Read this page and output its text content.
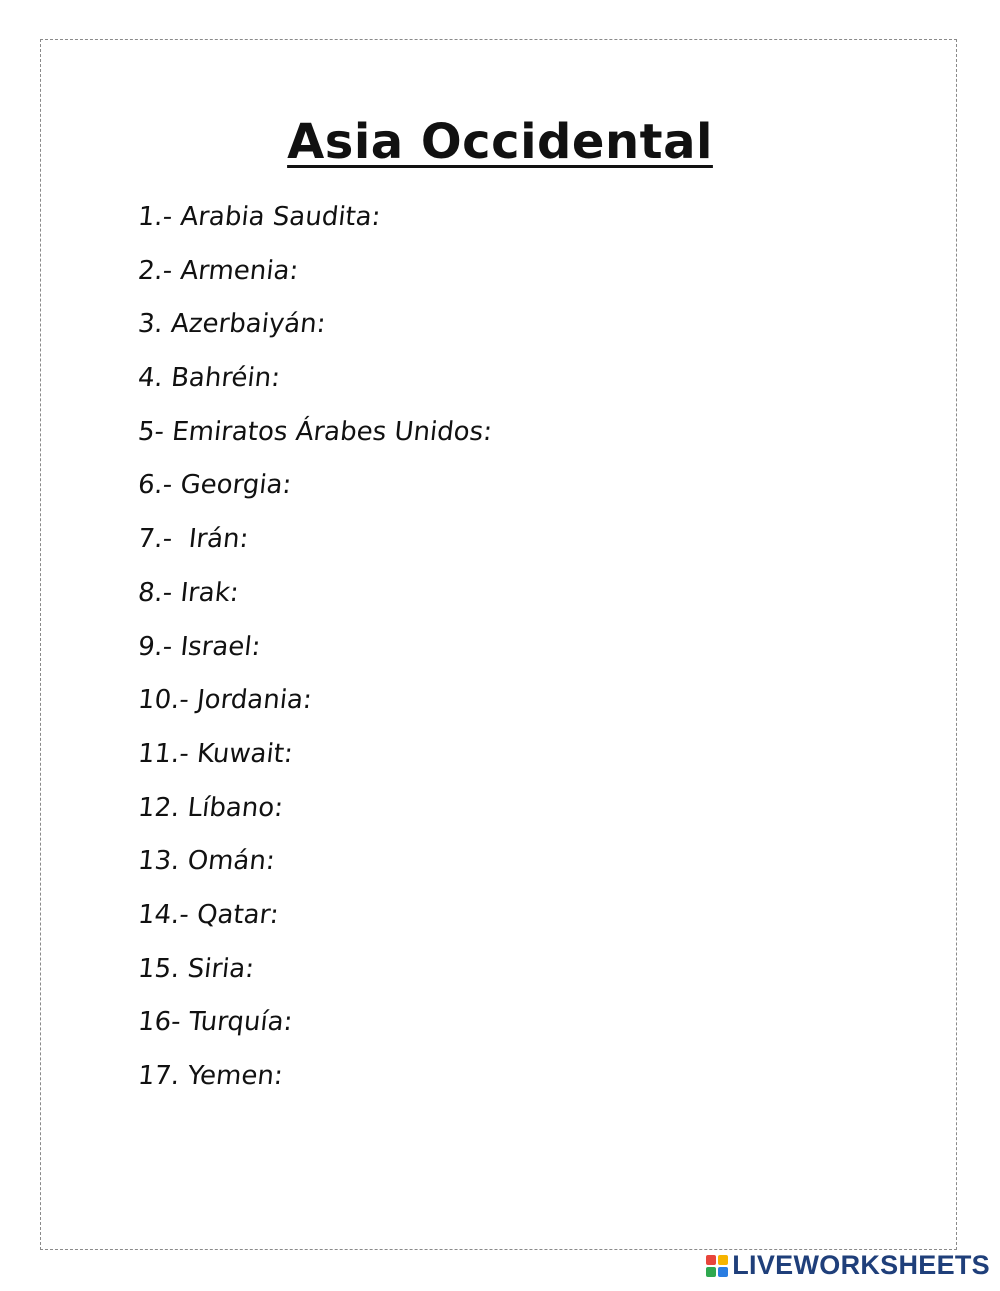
Asia Occidental
1.- Arabia Saudita:
2.- Armenia:
3. Azerbaiyán:
4. Bahréin:
5- Emiratos Árabes Unidos:
6.- Georgia:
7.-  Irán:
8.- Irak:
9.- Israel:
10.- Jordania:
11.- Kuwait:
12. Líbano:
13. Omán:
14.- Qatar:
15. Siria:
16- Turquía:
17. Yemen:
LIVEWORKSHEETS
